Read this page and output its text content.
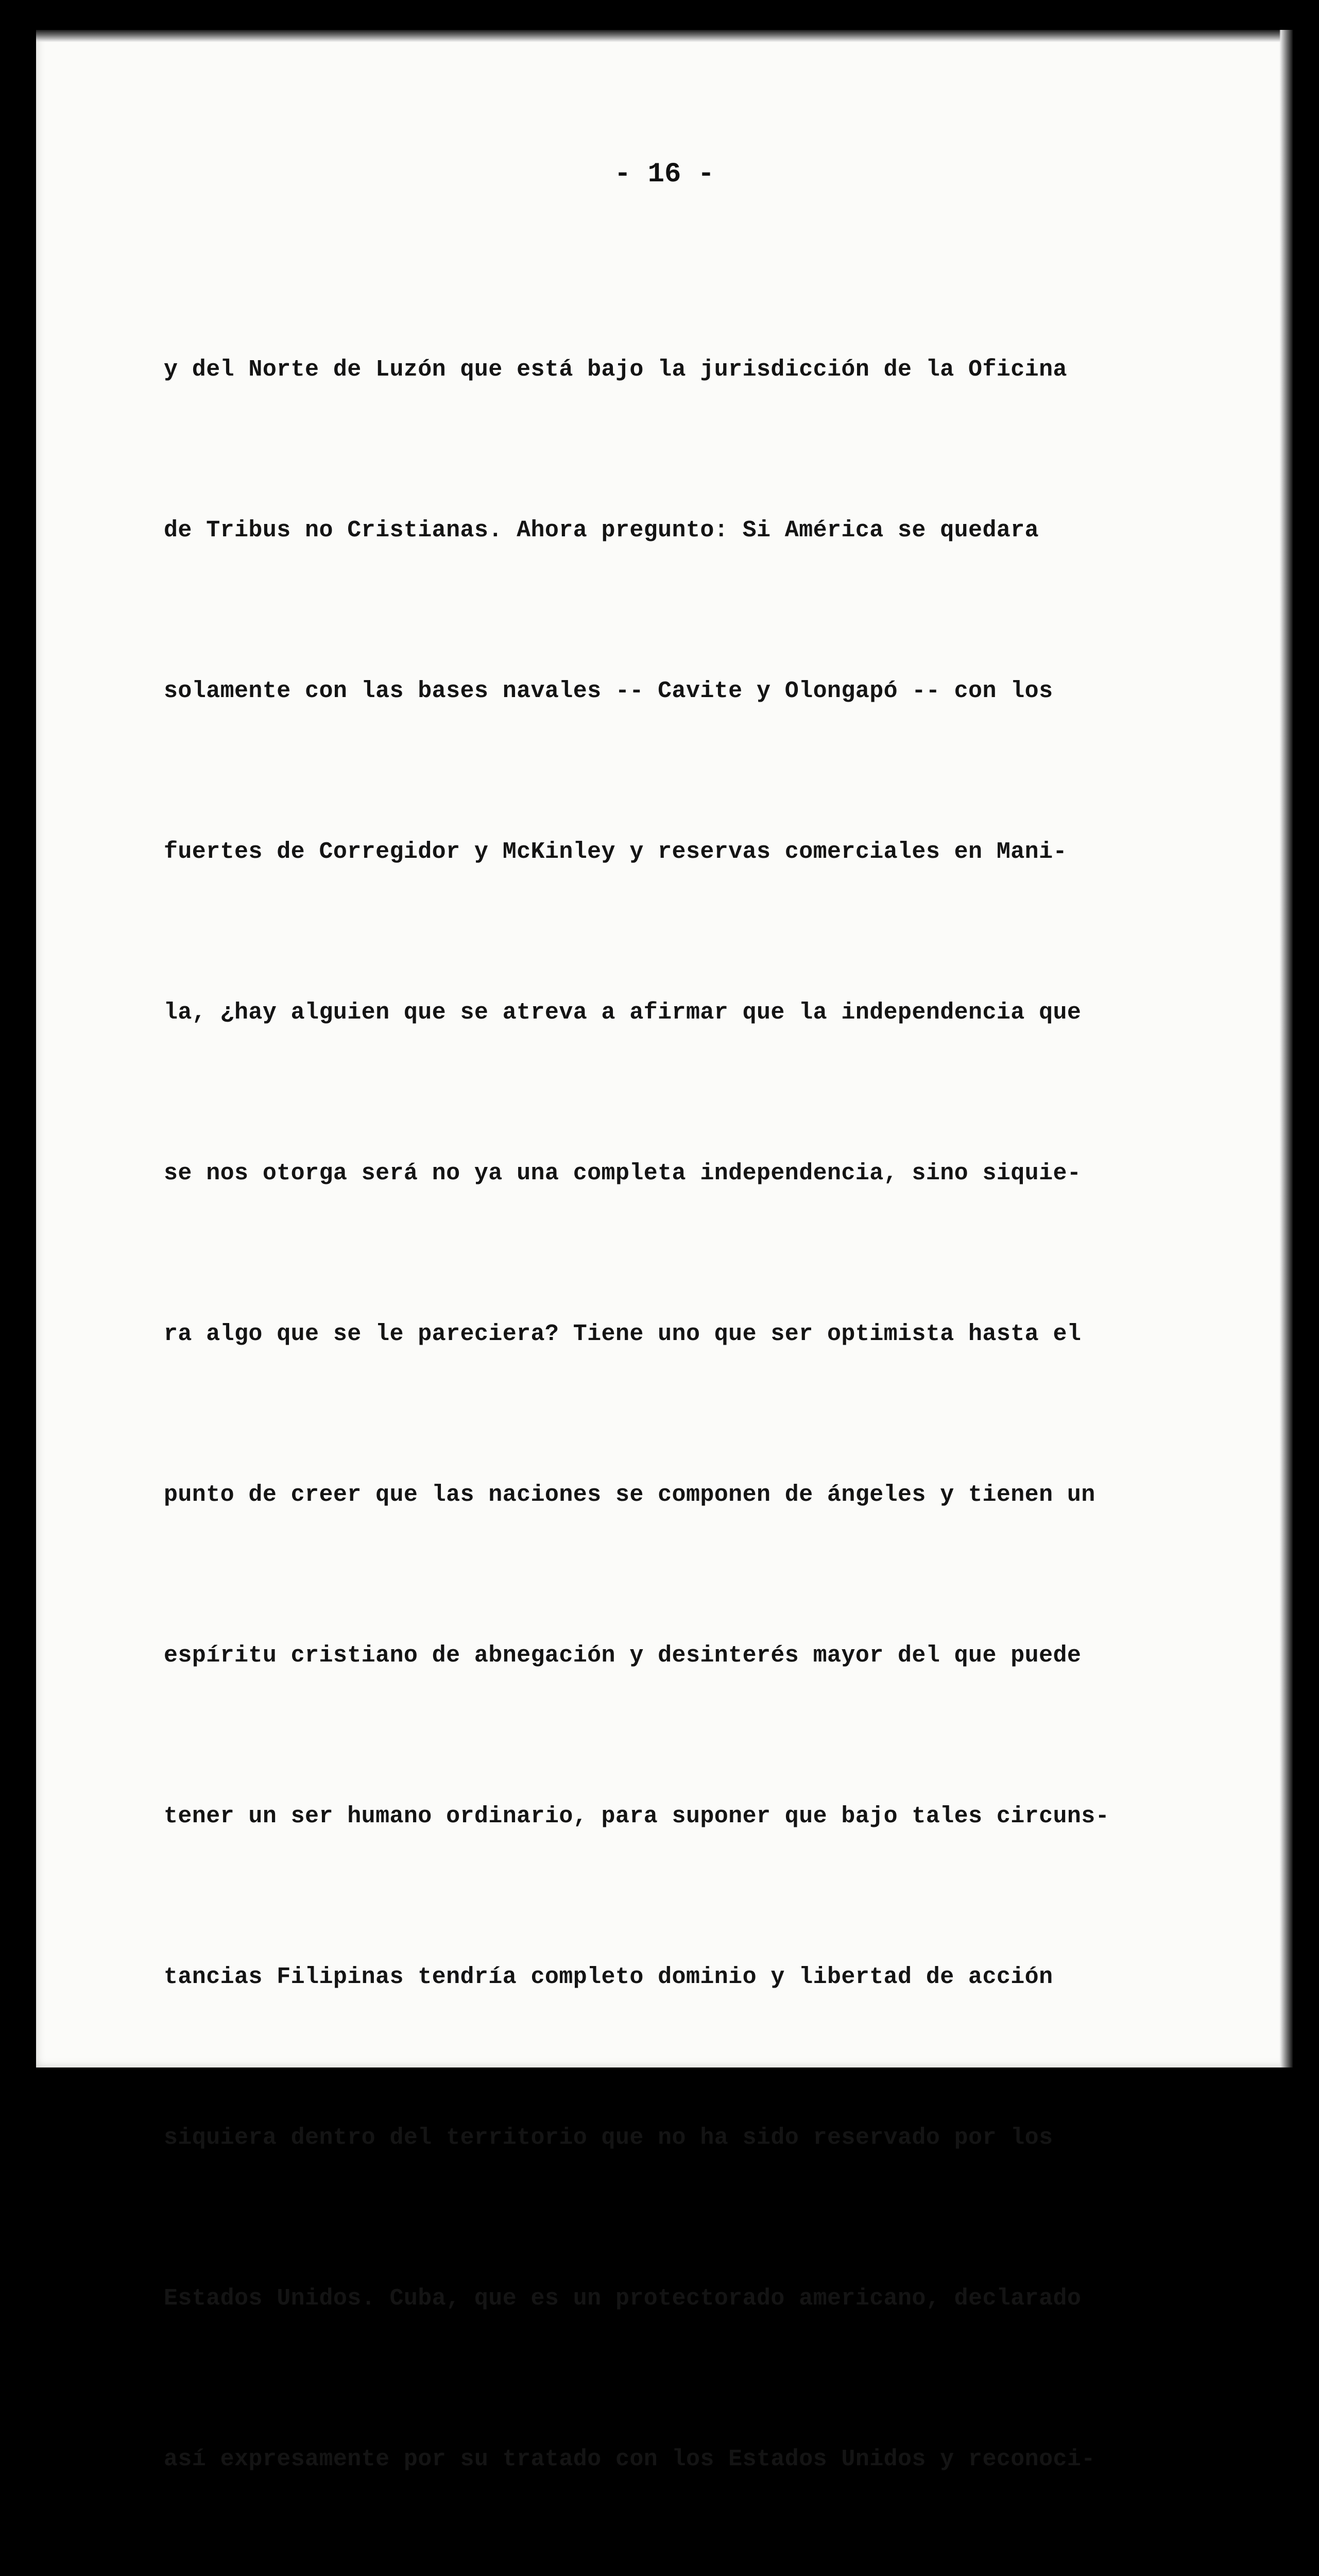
- 16 -

y del Norte de Luzón que está bajo la jurisdicción de la Oficina

de Tribus no Cristianas. Ahora pregunto: Si América se quedara

solamente con las bases navales -- Cavite y Olongapó -- con los

fuertes de Corregidor y McKinley y reservas comerciales en Mani-

la, ¿hay alguien que se atreva a afirmar que la independencia que

se nos otorga será no ya una completa independencia, sino siquie-

ra algo que se le pareciera? Tiene uno que ser optimista hasta el

punto de creer que las naciones se componen de ángeles y tienen un

espíritu cristiano de abnegación y desinterés mayor del que puede

tener un ser humano ordinario, para suponer que bajo tales circuns-

tancias Filipinas tendría completo dominio y libertad de acción

siquiera dentro del territorio que no ha sido reservado por los

Estados Unidos. Cuba, que es un protectorado americano, declarado

así expresamente por su tratado con los Estados Unidos y reconoci-
